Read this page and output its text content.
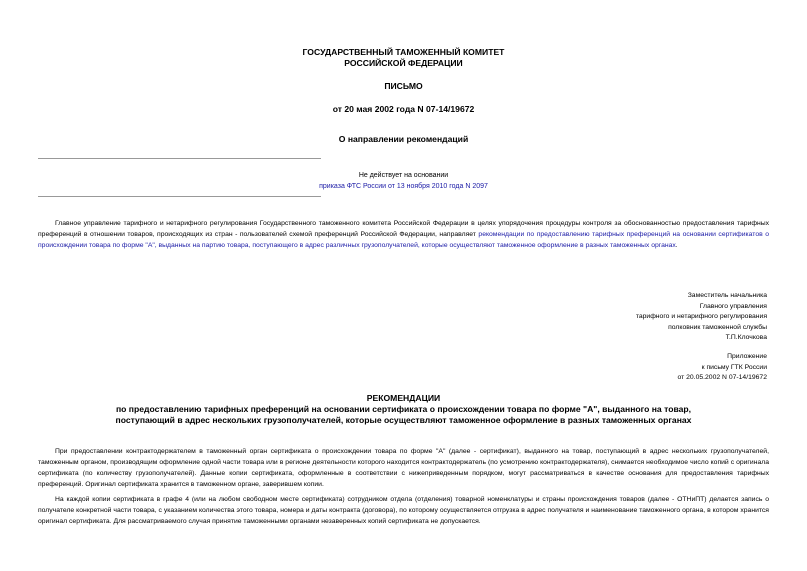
ГОСУДАРСТВЕННЫЙ ТАМОЖЕННЫЙ КОМИТЕТ
РОССИЙСКОЙ ФЕДЕРАЦИИ
ПИСЬМО
от 20 мая 2002 года N 07-14/19672
О направлении рекомендаций
Не действует на основании
приказа ФТС России от 13 ноября 2010 года N 2097
Главное управление тарифного и нетарифного регулирования Государственного таможенного комитета Российской Федерации в целях упорядочения процедуры контроля за обоснованностью предоставления тарифных преференций в отношении товаров, происходящих из стран - пользователей схемой преференций Российской Федерации, направляет рекомендации по предоставлению тарифных преференций на основании сертификатов о происхождении товара по форме "А", выданных на партию товара, поступающего в адрес различных грузополучателей, которые осуществляют таможенное оформление в разных таможенных органах.
Заместитель начальника
Главного управления
тарифного и нетарифного регулирования
полковник таможенной службы
Т.П.Клочкова
Приложение
к письму ГТК России
от 20.05.2002 N 07-14/19672
РЕКОМЕНДАЦИИ
по предоставлению тарифных преференций на основании сертификата о происхождении товара по форме "А", выданного на товар, поступающий в адрес нескольких грузополучателей, которые осуществляют таможенное оформление в разных таможенных органах
При предоставлении контрактодержателем в таможенный орган сертификата о происхождении товара по форме "А" (далее - сертификат), выданного на товар, поступающий в адрес нескольких грузополучателей, таможенным органом, производящим оформление одной части товара или в регионе деятельности которого находится контрактодержатель (по усмотрению контрактодержателя), снимается необходимое число копий с оригинала сертификата (по количеству грузополучателей). Данные копии сертификата, оформленные в соответствии с нижеприведенным порядком, могут рассматриваться в качестве основания для предоставления тарифных преференций. Оригинал сертификата хранится в таможенном органе, заверившем копии.
На каждой копии сертификата в графе 4 (или на любом свободном месте сертификата) сотрудником отдела (отделения) товарной номенклатуры и страны происхождения товаров (далее - ОТНиПТ) делается запись о получателе конкретной части товара, с указанием количества этого товара, номера и даты контракта (договора), по которому осуществляется отгрузка в адрес получателя и наименование таможенного органа, в котором хранится оригинал сертификата. Для рассматриваемого случая принятие таможенными органами незаверенных копий сертификата не допускается.
